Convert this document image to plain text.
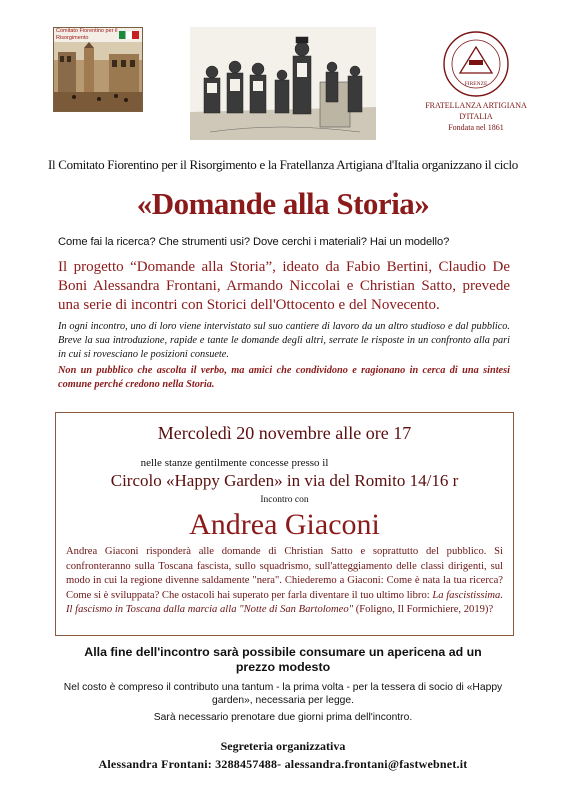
Comitato Fiorentino per il Risorgimento
FIRENZE
FRATELLANZA ARTIGIANA D'ITALIA
Fondata nel 1861
Il Comitato Fiorentino per il Risorgimento e la Fratellanza Artigiana d'Italia organizzano il ciclo
«Domande alla Storia»
Come fai la ricerca? Che strumenti usi? Dove cerchi i materiali? Hai un modello?
Il progetto “Domande alla Storia”, ideato da Fabio Bertini, Claudio De Boni Alessandra Frontani, Armando Niccolai e Christian Satto, prevede una serie di incontri con Storici dell'Ottocento e del Novecento.
In ogni incontro, uno di loro viene intervistato sul suo cantiere di lavoro da un altro studioso e dal pubblico. Breve la sua introduzione, rapide e tante le domande degli altri, serrate le risposte in un confronto alla pari in cui si rovesciano le posizioni consuete.
Non un pubblico che ascolta il verbo, ma amici che condividono e ragionano in cerca di una sintesi comune perché credono nella Storia.
Mercoledì 20 novembre alle ore 17
nelle stanze gentilmente concesse presso il
Circolo «Happy Garden» in via del Romito 14/16 r
Incontro con
Andrea Giaconi
Andrea Giaconi risponderà alle domande di Christian Satto e soprattutto del pubblico. Si confronteranno sulla Toscana fascista, sullo squadrismo, sull'atteggiamento delle classi dirigenti, sul modo in cui la regione divenne saldamente "nera". Chiederemo a Giaconi: Come è nata la tua ricerca? Come si è sviluppata? Che ostacoli hai superato per farla diventare il tuo ultimo libro: La fascistissima. Il fascismo in Toscana dalla marcia alla "Notte di San Bartolomeo" (Foligno, Il Formichiere, 2019)?
Alla fine dell'incontro sarà possibile consumare un apericena ad un prezzo modesto
Nel costo è compreso il contributo una tantum - la prima volta - per la tessera di socio di «Happy garden», necessaria per legge.
Sarà necessario prenotare due giorni prima dell'incontro.
Segreteria organizzativa
Alessandra Frontani: 3288457488- alessandra.frontani@fastwebnet.it
